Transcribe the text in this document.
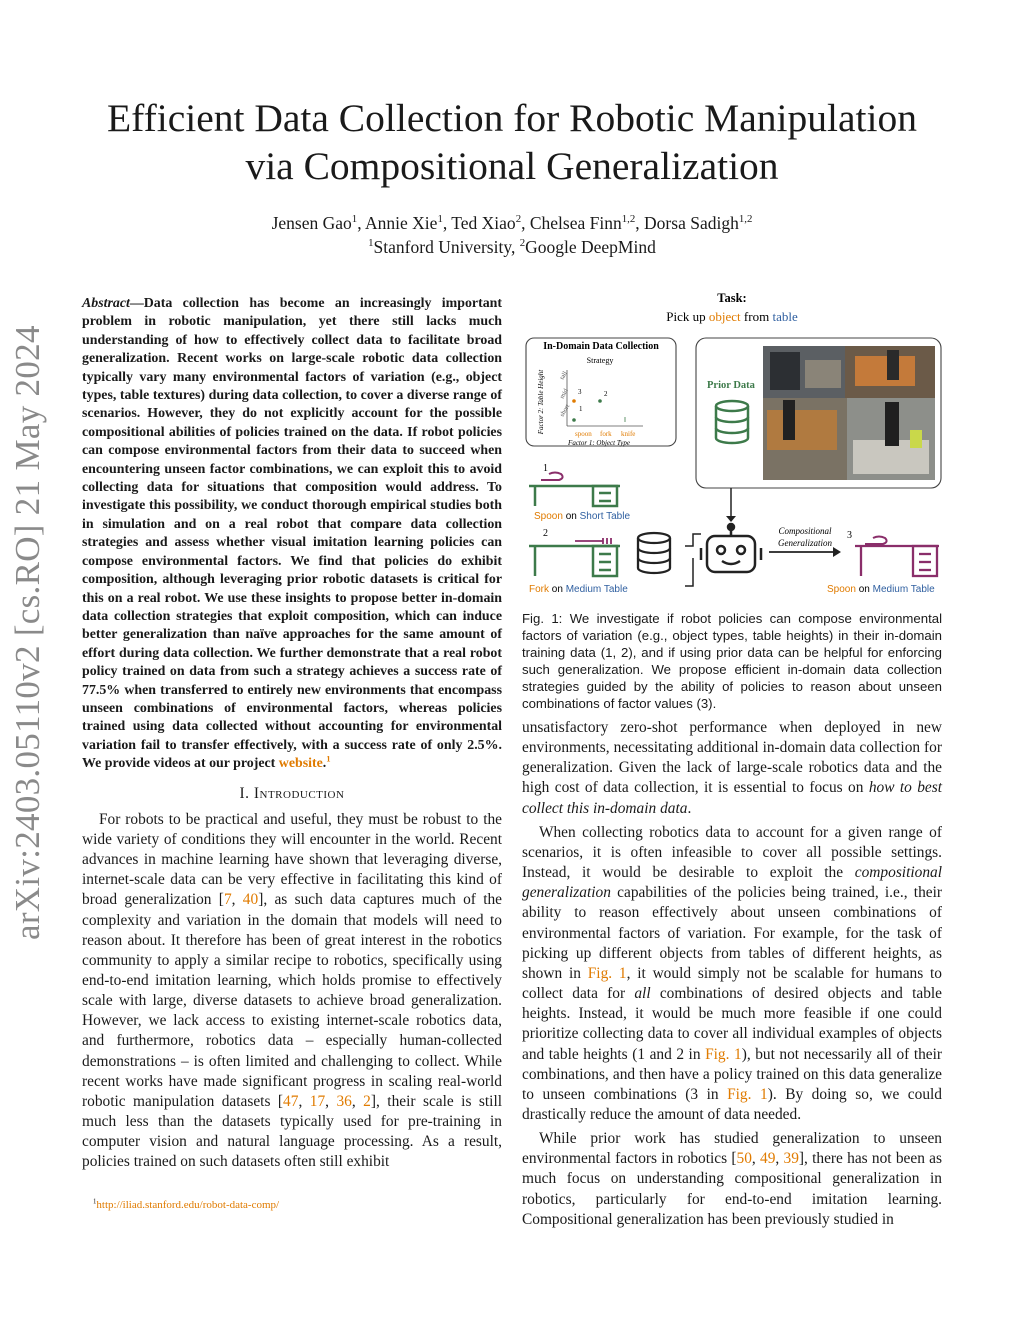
Efficient Data Collection for Robotic Manipulation
via Compositional Generalization
Jensen Gao$^1$, Annie Xie$^1$, Ted Xiao$^2$, Chelsea Finn$^{1,2}$, Dorsa Sadigh$^{1,2}$
$^1$Stanford University, $^2$Google DeepMind
arXiv:2403.05110v2 [cs.RO] 21 May 2024

Abstract—Data collection has become an increasingly important problem in robotic manipulation, yet there still lacks much understanding of how to effectively collect data to facilitate broad generalization. Recent works on large-scale robotic data collection typically vary many environmental factors of variation (e.g., object types, table textures) during data collection, to cover a diverse range of scenarios. However, they do not explicitly account for the possible compositional abilities of policies trained on the data. If robot policies can compose environmental factors from their data to succeed when encountering unseen factor combinations, we can exploit this to avoid collecting data for situations that composition would address. To investigate this possibility, we conduct thorough empirical studies both in simulation and on a real robot that compare data collection strategies and assess whether visual imitation learning policies can compose environmental factors. We find that policies do exhibit composition, although leveraging prior robotic datasets is critical for this on a real robot. We use these insights to propose better in-domain data collection strategies that exploit composition, which can induce better generalization than naïve approaches for the same amount of effort during data collection. We further demonstrate that a real robot policy trained on data from such a strategy achieves a success rate of 77.5% when transferred to entirely new environments that encompass unseen combinations of environmental factors, whereas policies trained using data collected without accounting for environmental variation fail to transfer effectively, with a success rate of only 2.5%. We provide videos at our project website.$^1$

I. Introduction

For robots to be practical and useful, they must be robust to the wide variety of conditions they will encounter in the world. Recent advances in machine learning have shown that leveraging diverse, internet-scale data can be very effective in facilitating this kind of broad generalization [7, 40], as such data captures much of the complexity and variation in the domain that models will need to reason about. It therefore has been of great interest in the robotics community to apply a similar recipe to robotics, specifically using end-to-end imitation learning, which holds promise to effectively scale with large, diverse datasets to achieve broad generalization. However, we lack access to existing internet-scale robotics data, and furthermore, robotics data – especially human-collected demonstrations – is often limited and challenging to collect. While recent works have made significant progress in scaling real-world robotic manipulation datasets [47, 17, 36, 2], their scale is still much less than the datasets typically used for pre-training in computer vision and natural language processing. As a result, policies trained on such datasets often still exhibit

$^1$http://iliad.stanford.edu/robot-data-comp/
Task:
Pick up object from table
In-Domain Data Collection
Strategy
Factor 2: Table Height short
mid
tall
spoon fork knife
Factor 1: Object Type
1
2
3
Prior Data
1
Spoon on Short Table
2
Fork on Medium Table
Compositional
Generalization
3
Spoon on Medium Table
Fig. 1: We investigate if robot policies can compose environmental factors of variation (e.g., object types, table heights) in their in-domain training data (1, 2), and if using prior data can be helpful for enforcing such generalization. We propose efficient in-domain data collection strategies guided by the ability of policies to reason about unseen combinations of factor values (3).

unsatisfactory zero-shot performance when deployed in new environments, necessitating additional in-domain data collection for generalization. Given the lack of large-scale robotics data and the high cost of data collection, it is essential to focus on how to best collect this in-domain data.

When collecting robotics data to account for a given range of scenarios, it is often infeasible to cover all possible settings. Instead, it would be desirable to exploit the compositional generalization capabilities of the policies being trained, i.e., their ability to reason effectively about unseen combinations of environmental factors of variation. For example, for the task of picking up different objects from tables of different heights, as shown in Fig. 1, it would simply not be scalable for humans to collect data for all combinations of desired objects and table heights. Instead, it would be much more feasible if one could prioritize collecting data to cover all individual examples of objects and table heights (1 and 2 in Fig. 1), but not necessarily all of their combinations, and then have a policy trained on this data generalize to unseen combinations (3 in Fig. 1). By doing so, we could drastically reduce the amount of data needed.

While prior work has studied generalization to unseen environmental factors in robotics [50, 49, 39], there has not been as much focus on understanding compositional generalization in robotics, particularly for end-to-end imitation learning. Compositional generalization has been previously studied in
